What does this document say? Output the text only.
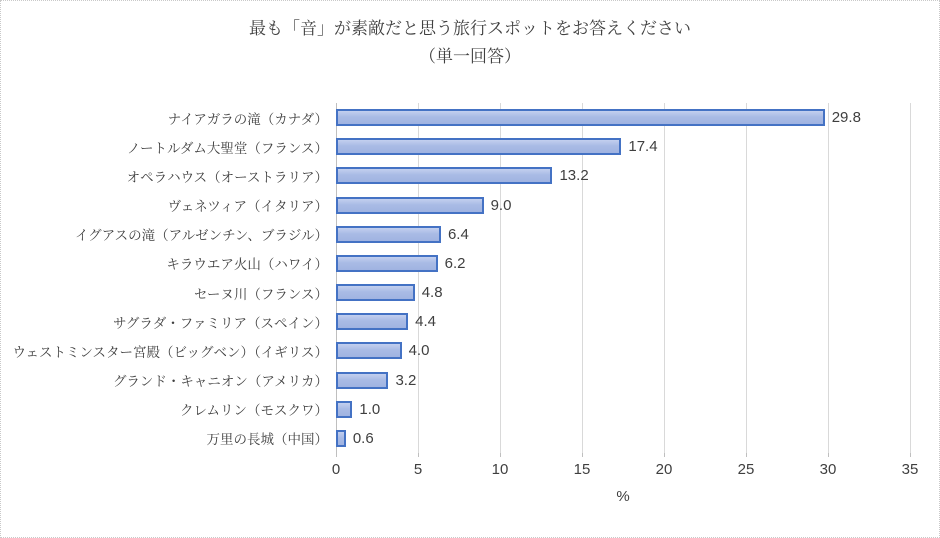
最も「音」が素敵だと思う旅行スポットをお答えください
（単一回答）
ナイアガラの滝（カナダ）
ノートルダム大聖堂（フランス）
オペラハウス（オーストラリア）
ヴェネツィア（イタリア）
イグアスの滝（アルゼンチン、ブラジル）
キラウエア火山（ハワイ）
セーヌ川（フランス）
サグラダ・ファミリア（スペイン）
ウェストミンスター宮殿（ビッグベン）（イギリス）
グランド・キャニオン（アメリカ）
クレムリン（モスクワ）
万里の長城（中国）
29.8
17.4
13.2
9.0
6.4
6.2
4.8
4.4
4.0
3.2
1.0
0.6
0	5	10	15	20	25	30	35
%
